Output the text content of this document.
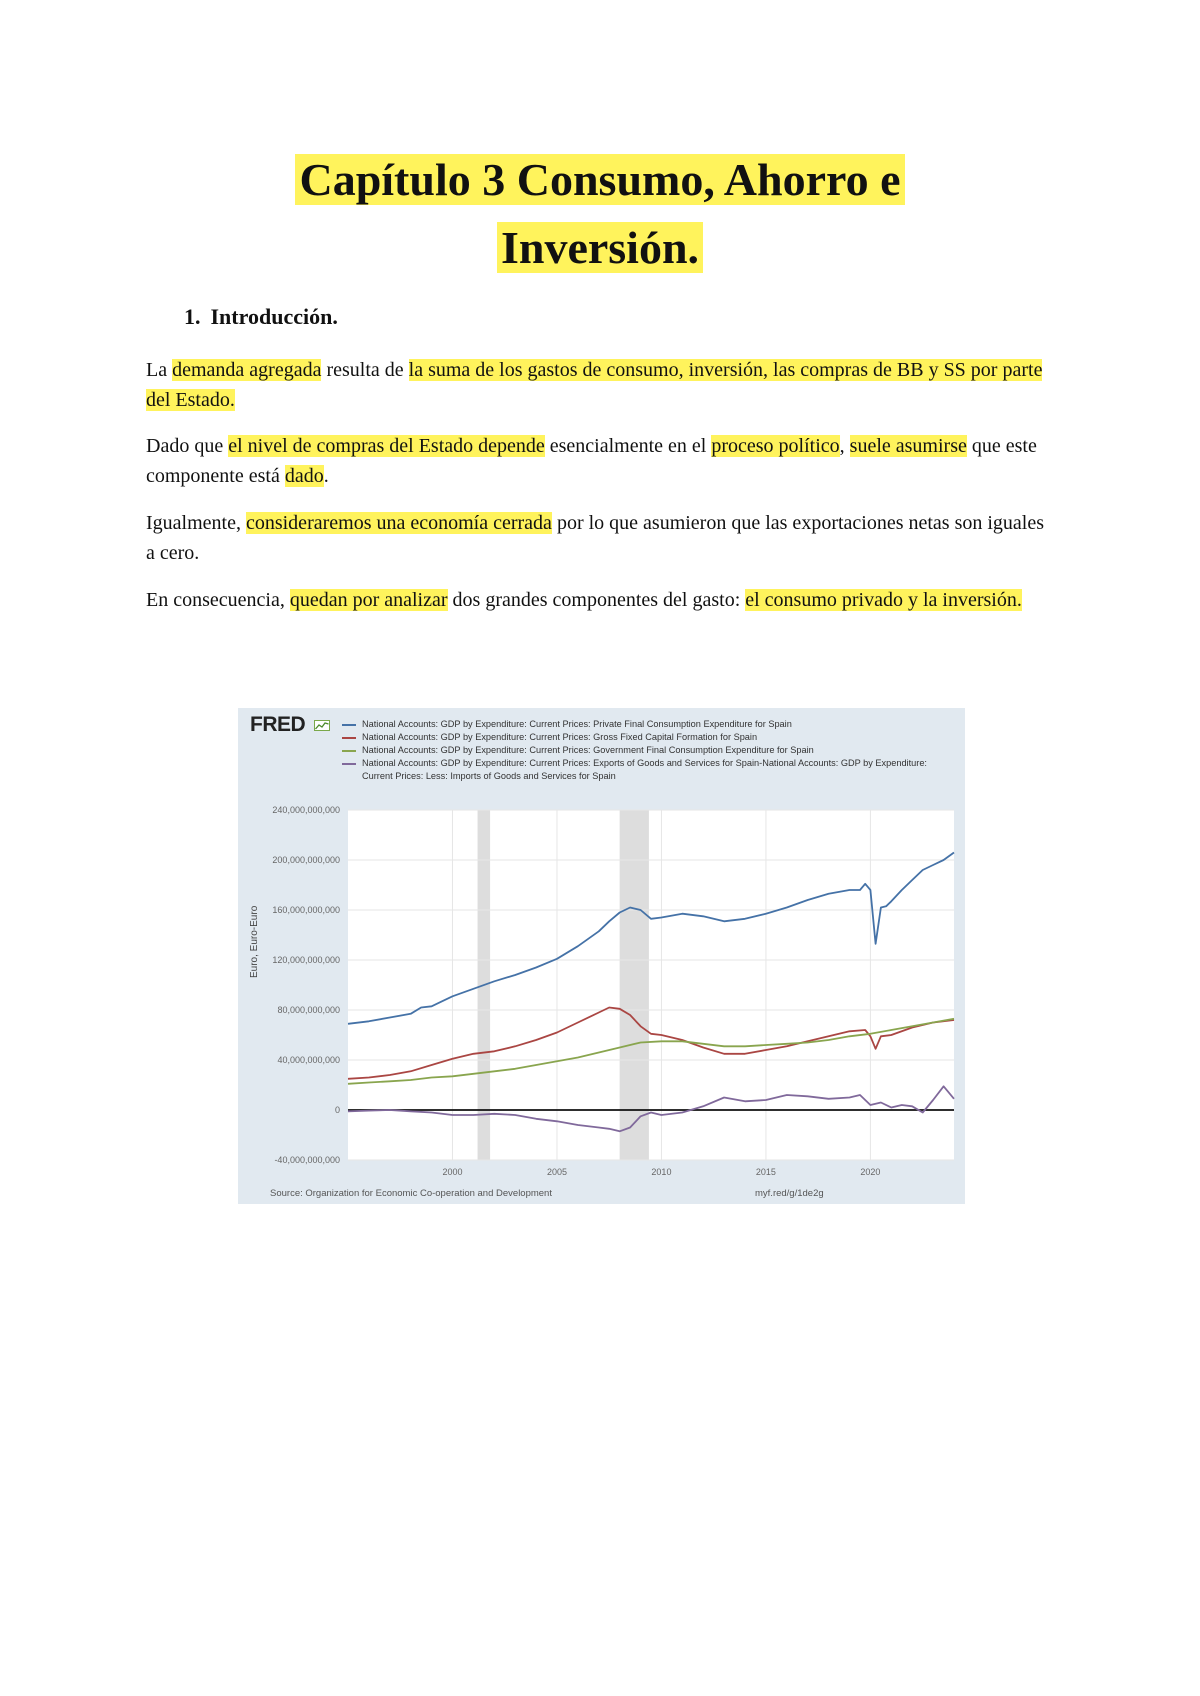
Capítulo 3 Consumo, Ahorro e
Inversión.
1. Introducción.

La demanda agregada resulta de la suma de los gastos de consumo, inversión, las compras de BB y SS por parte del Estado.

Dado que el nivel de compras del Estado depende esencialmente en el proceso político, suele asumirse que este componente está dado.

Igualmente, consideraremos una economía cerrada por lo que asumieron que las exportaciones netas son iguales a cero.

En consecuencia, quedan por analizar dos grandes componentes del gasto: el consumo privado y la inversión.

-40,000,000,000
0
40,000,000,000
80,000,000,000
120,000,000,000
160,000,000,000
200,000,000,000
240,000,000,000
2000	2005	2010	2015	2020
FRED	National Accounts: GDP by Expenditure: Current Prices: Private Final Consumption Expenditure for Spain
National Accounts: GDP by Expenditure: Current Prices: Gross Fixed Capital Formation for Spain
National Accounts: GDP by Expenditure: Current Prices: Government Final Consumption Expenditure for Spain
National Accounts: GDP by Expenditure: Current Prices: Exports of Goods and Services for Spain-National Accounts: GDP by Expenditure: Current Prices: Less: Imports of Goods and Services for Spain
Euro, Euro-Euro
Source: Organization for Economic Co-operation and Development	myf.red/g/1de2g
